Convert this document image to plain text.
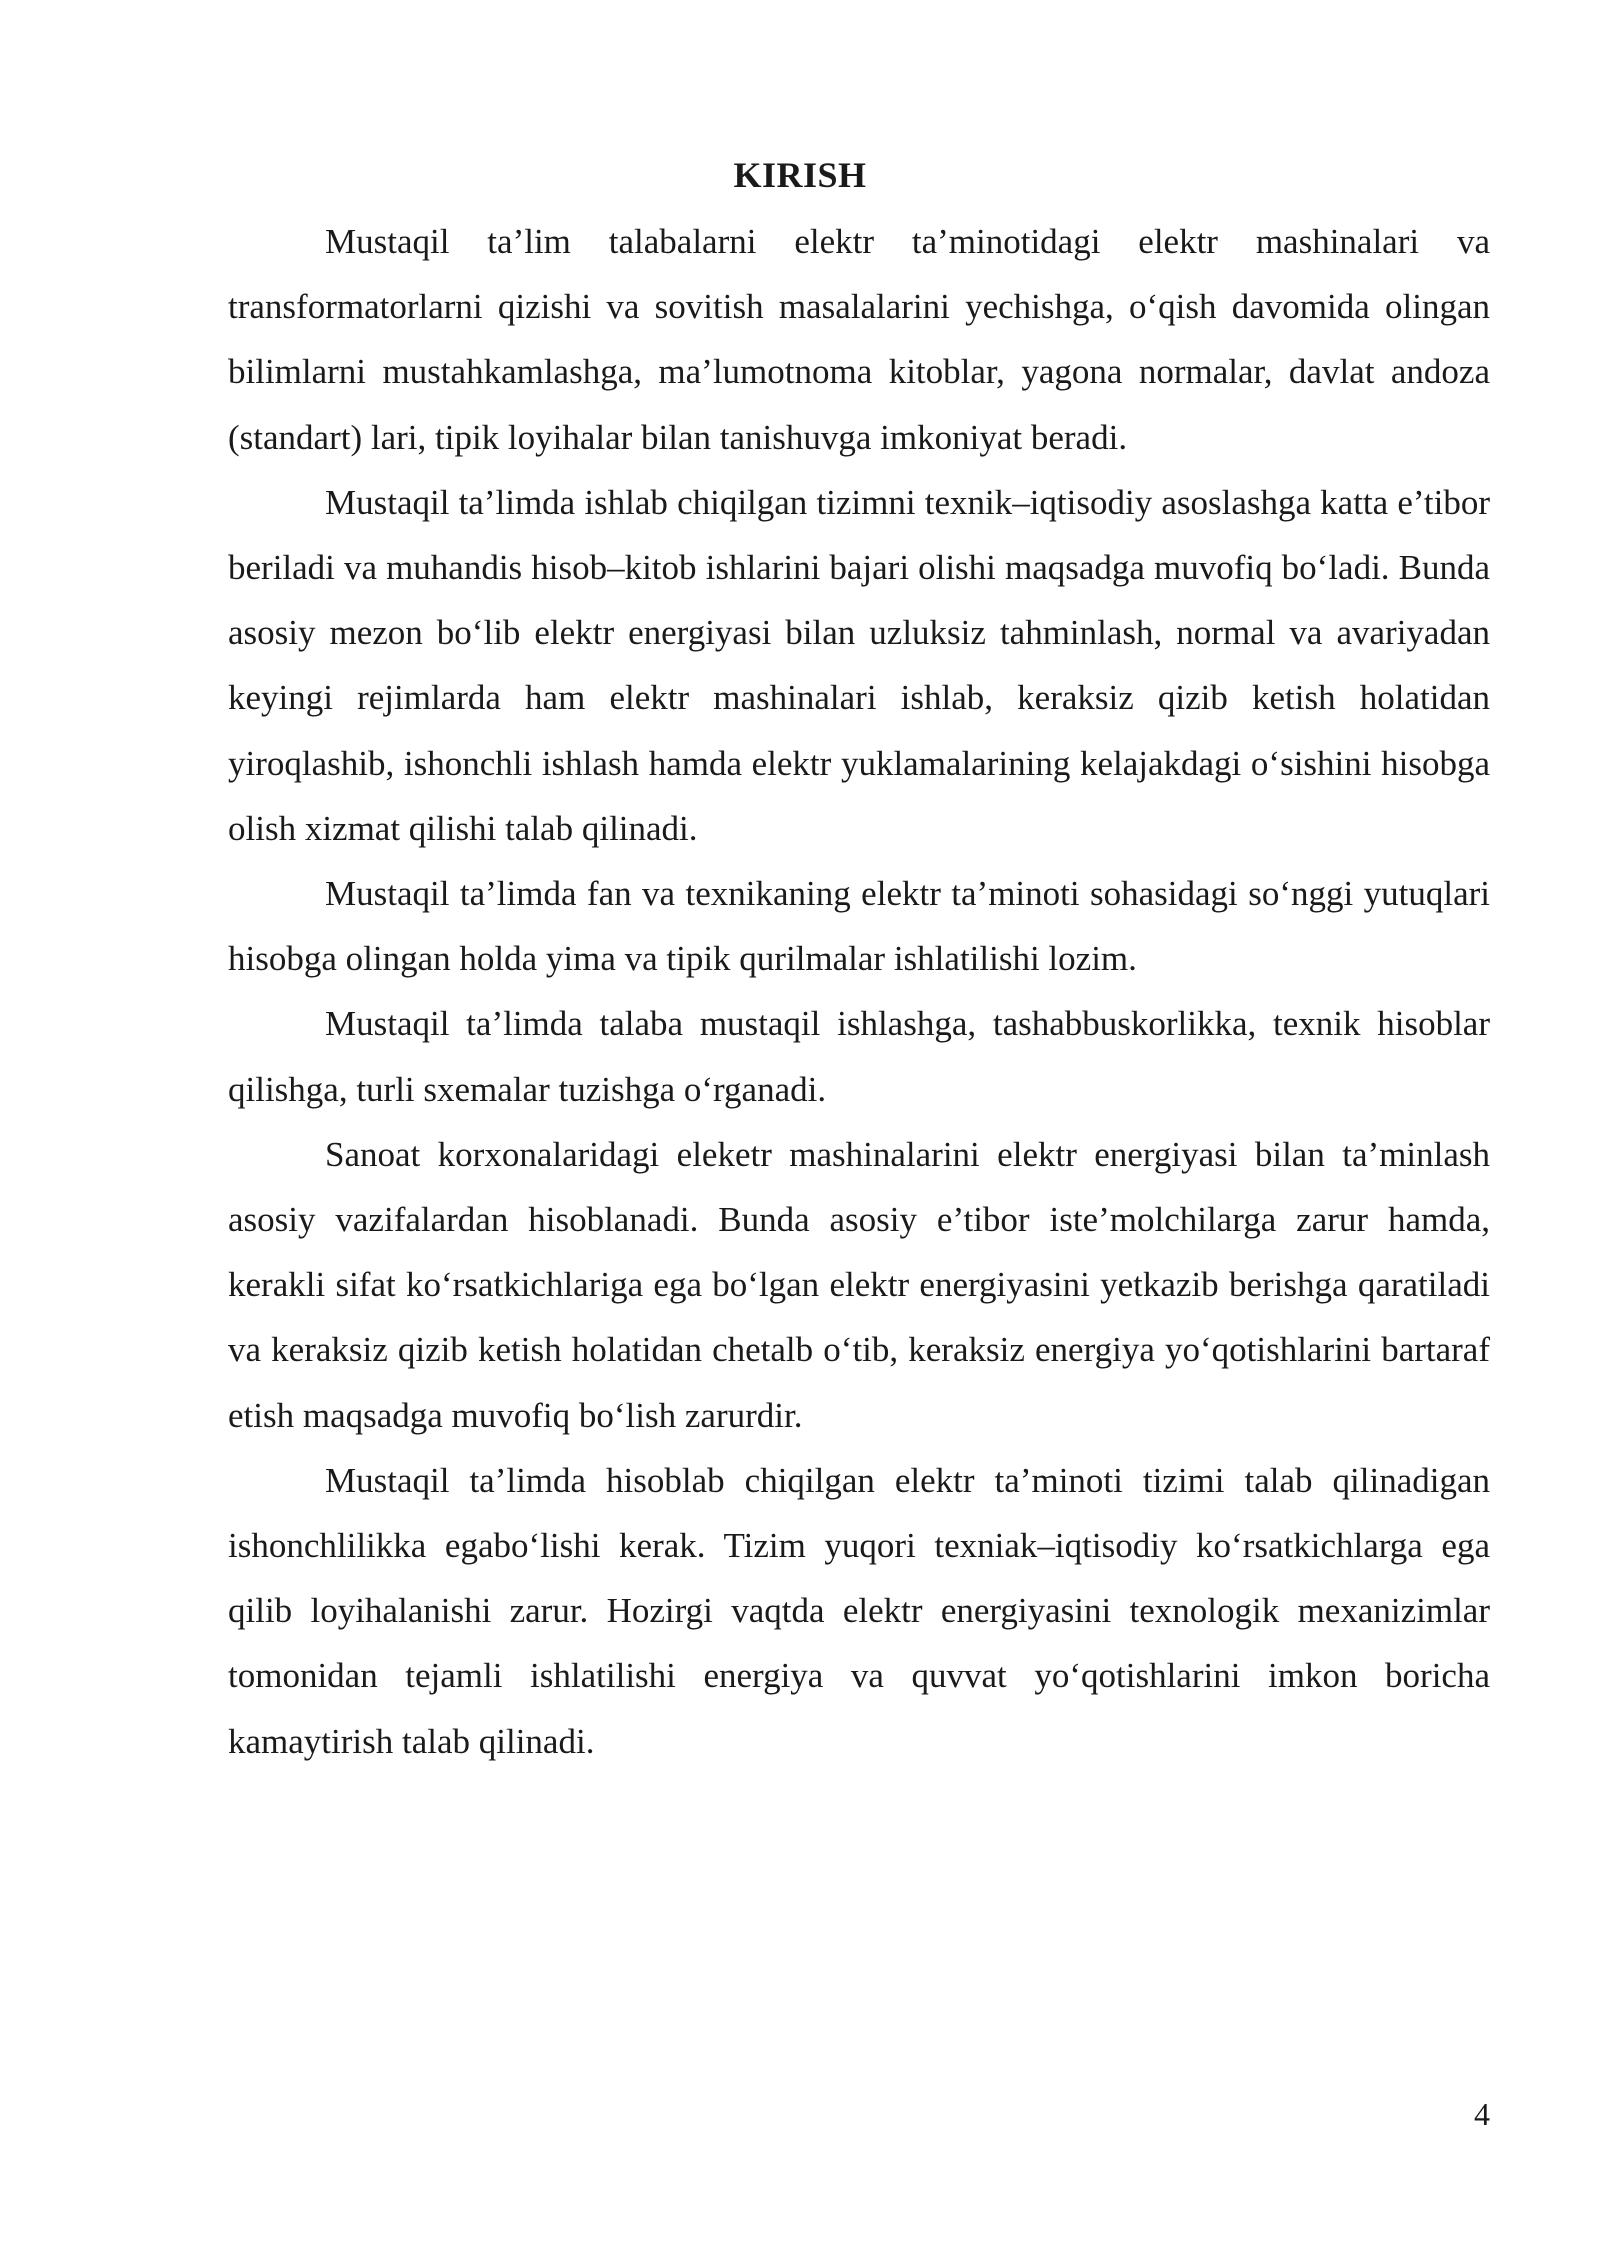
KIRISH

Mustaqil ta’lim talabalarni elektr ta’minotidagi elektr mashinalari va transformatorlarni qizishi va sovitish masalalarini yechishga, o‘qish davomida olingan bilimlarni mustahkamlashga, ma’lumotnoma kitoblar, yagona normalar, davlat andoza (standart) lari, tipik loyihalar bilan tanishuvga imkoniyat beradi.

Mustaqil ta’limda ishlab chiqilgan tizimni texnik–iqtisodiy asoslashga katta e’tibor beriladi va muhandis hisob–kitob ishlarini bajari olishi maqsadga muvofiq bo‘ladi. Bunda asosiy mezon bo‘lib elektr energiyasi bilan uzluksiz tahminlash, normal va avariyadan keyingi rejimlarda ham elektr mashinalari ishlab, keraksiz qizib ketish holatidan yiroqlashib, ishonchli ishlash hamda elektr yuklamalarining kelajakdagi o‘sishini hisobga olish xizmat qilishi talab qilinadi.

Mustaqil ta’limda fan va texnikaning elektr ta’minoti sohasidagi so‘nggi yutuqlari hisobga olingan holda yima va tipik qurilmalar ishlatilishi lozim.

Mustaqil ta’limda talaba mustaqil ishlashga, tashabbuskorlikka, texnik hisoblar qilishga, turli sxemalar tuzishga o‘rganadi.

Sanoat korxonalaridagi eleketr mashinalarini elektr energiyasi bilan ta’minlash asosiy vazifalardan hisoblanadi. Bunda asosiy e’tibor iste’molchilarga zarur hamda, kerakli sifat ko‘rsatkichlariga ega bo‘lgan elektr energiyasini yetkazib berishga qaratiladi va keraksiz qizib ketish holatidan chetalb o‘tib, keraksiz energiya yo‘qotishlarini bartaraf etish maqsadga muvofiq bo‘lish zarurdir.

Mustaqil ta’limda hisoblab chiqilgan elektr ta’minoti tizimi talab qilinadigan ishonchlilikka egabo‘lishi kerak. Tizim yuqori texniak–iqtisodiy ko‘rsatkichlarga ega qilib loyihalanishi zarur. Hozirgi vaqtda elektr energiyasini texnologik mexanizimlar tomonidan tejamli ishlatilishi energiya va quvvat yo‘qotishlarini imkon boricha kamaytirish talab qilinadi.

4
